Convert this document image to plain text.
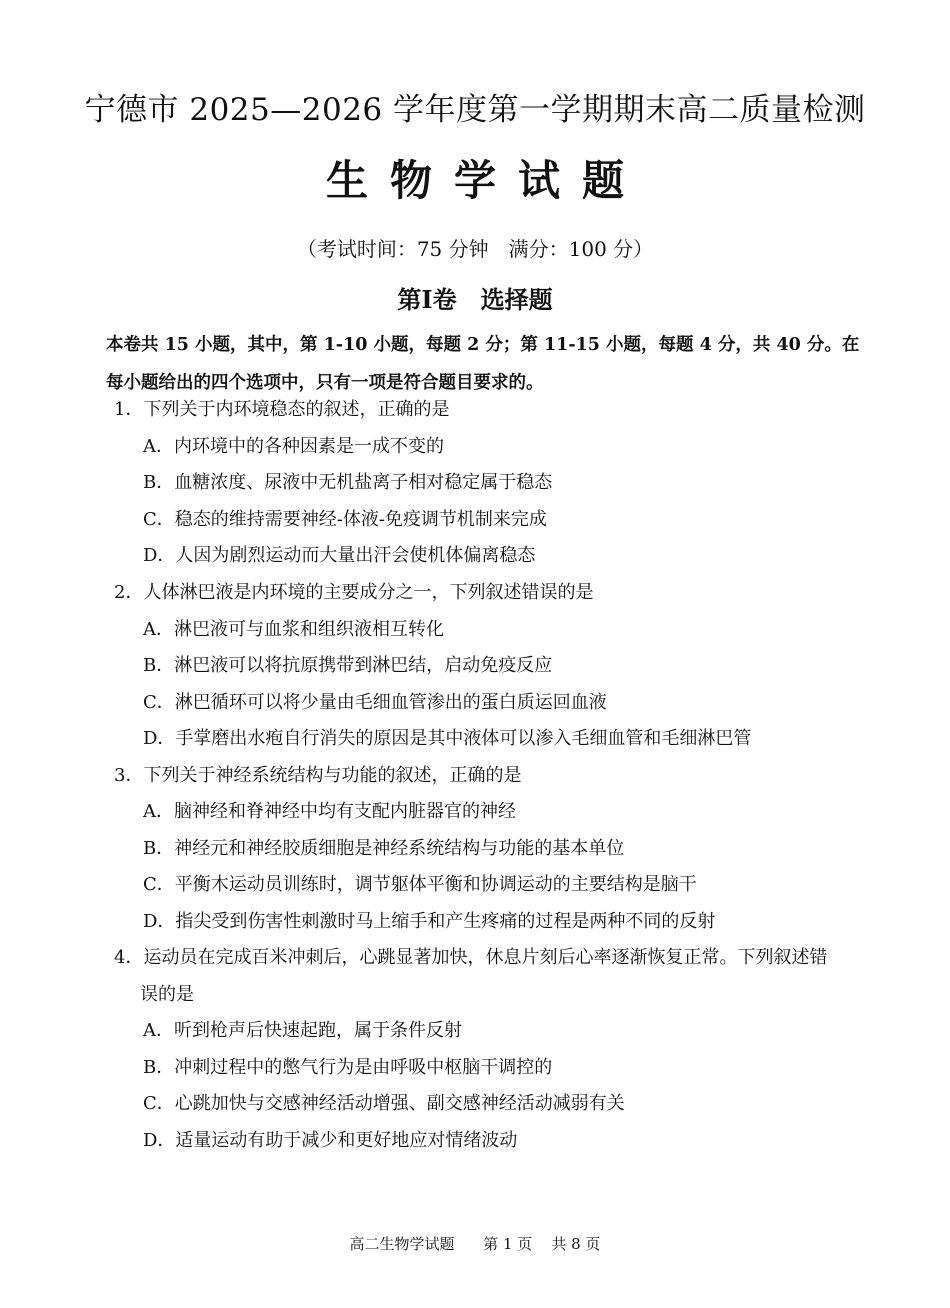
宁德市 2025—2026 学年度第一学期期末高二质量检测
生物学试题
（考试时间：75 分钟　满分：100 分）
第Ⅰ卷　选择题
本卷共 15 小题，其中，第 1-10 小题，每题 2 分；第 11-15 小题，每题 4 分，共 40 分。在每小题给出的四个选项中，只有一项是符合题目要求的。
1．下列关于内环境稳态的叙述，正确的是
A．内环境中的各种因素是一成不变的
B．血糖浓度、尿液中无机盐离子相对稳定属于稳态
C．稳态的维持需要神经-体液-免疫调节机制来完成
D．人因为剧烈运动而大量出汗会使机体偏离稳态
2．人体淋巴液是内环境的主要成分之一，下列叙述错误的是
A．淋巴液可与血浆和组织液相互转化
B．淋巴液可以将抗原携带到淋巴结，启动免疫反应
C．淋巴循环可以将少量由毛细血管渗出的蛋白质运回血液
D．手掌磨出水疱自行消失的原因是其中液体可以渗入毛细血管和毛细淋巴管
3．下列关于神经系统结构与功能的叙述，正确的是
A．脑神经和脊神经中均有支配内脏器官的神经
B．神经元和神经胶质细胞是神经系统结构与功能的基本单位
C．平衡木运动员训练时，调节躯体平衡和协调运动的主要结构是脑干
D．指尖受到伤害性刺激时马上缩手和产生疼痛的过程是两种不同的反射
4．运动员在完成百米冲刺后，心跳显著加快，休息片刻后心率逐渐恢复正常。下列叙述错
误的是
A．听到枪声后快速起跑，属于条件反射
B．冲刺过程中的憋气行为是由呼吸中枢脑干调控的
C．心跳加快与交感神经活动增强、副交感神经活动减弱有关
D．适量运动有助于减少和更好地应对情绪波动
高二生物学试题 第 1 页 共 8 页
